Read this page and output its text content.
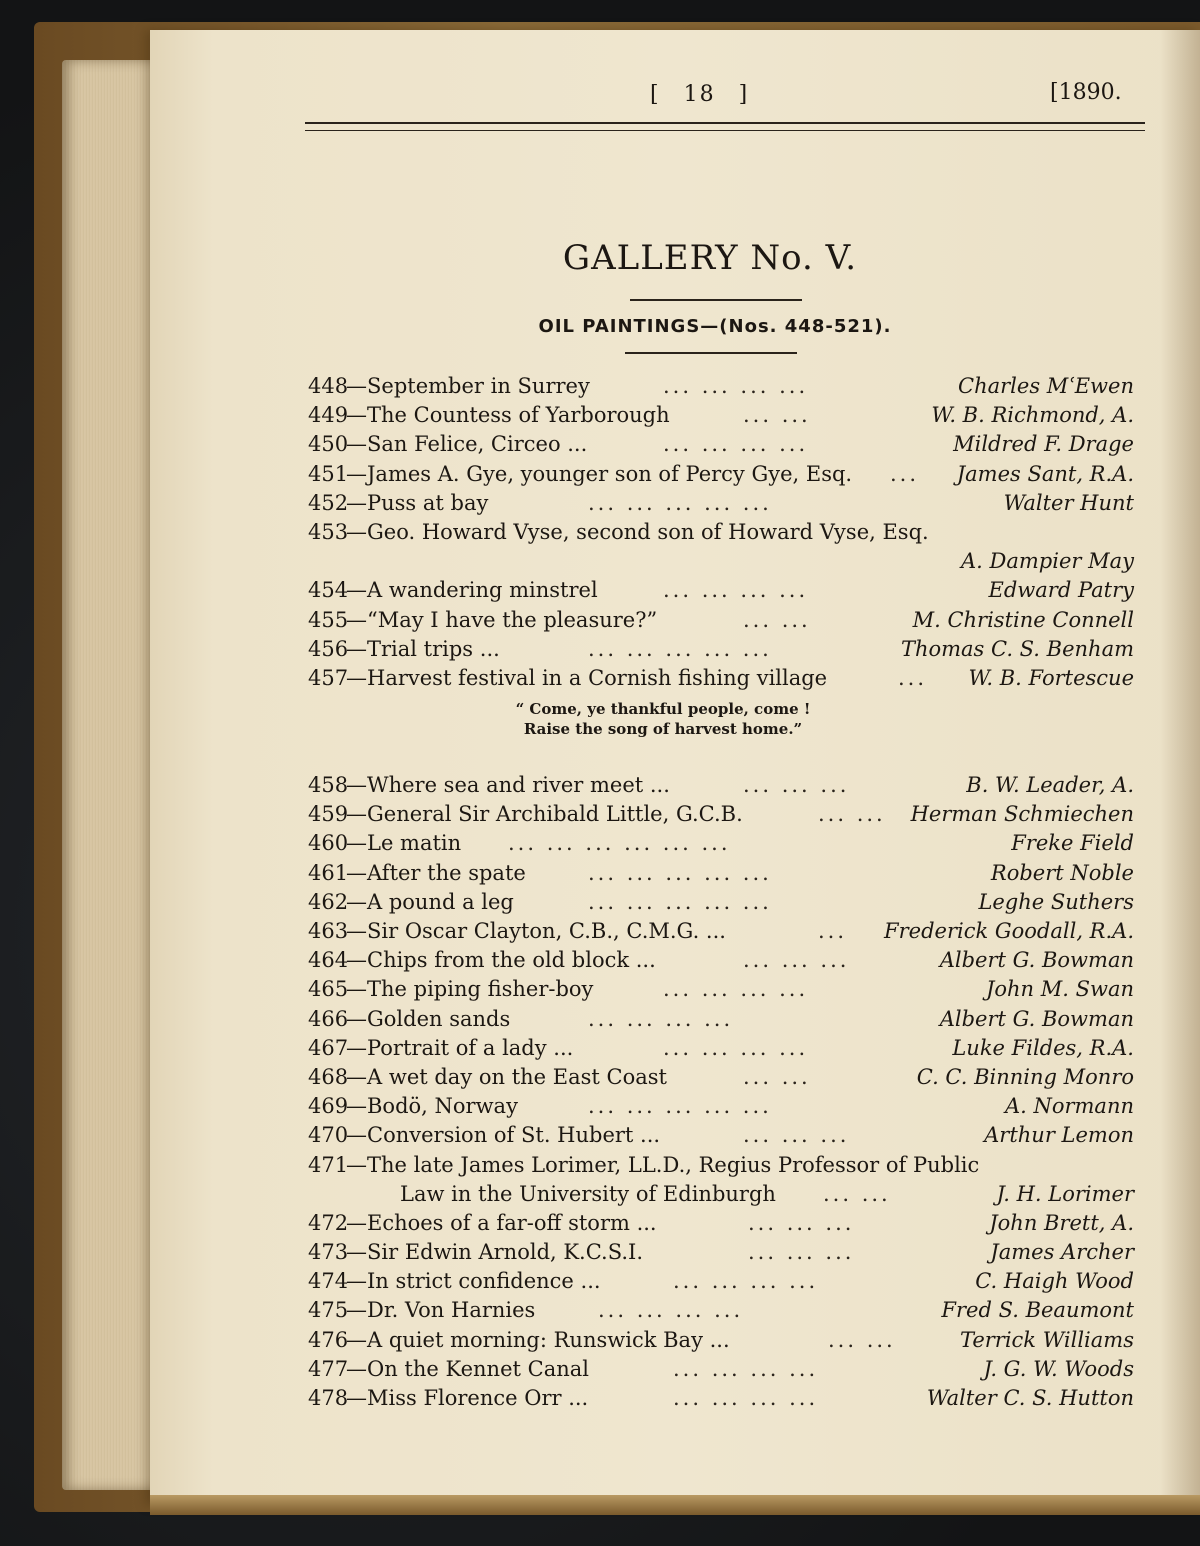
[ 18 ]	[1890.
GALLERY No. V.
OIL PAINTINGS—(Nos. 448-521).
448
—September in Surrey	... ... ... ...	Charles MʿEwen
449
—The Countess of Yarborough	... ...	W. B. Richmond, A.
450
—San Felice, Circeo ...	... ... ... ...	Mildred F. Drage
451
—James A. Gye, younger son of Percy Gye, Esq. ... James Sant, R.A.
452
—Puss at bay	... ... ... ... ...	Walter Hunt
453
—Geo. Howard Vyse, second son of Howard Vyse, Esq.
A. Dampier May
454
—A wandering minstrel	... ... ... ...	Edward Patry
455
—“May I have the pleasure?”	... ...	M. Christine Connell
456
—Trial trips ...	... ... ... ... ...	Thomas C. S. Benham
457
—Harvest festival in a Cornish fishing village	... W. B. Fortescue
“ Come, ye thankful people, come !
Raise the song of harvest home.”
458
—Where sea and river meet ...	... ... ...	B. W. Leader, A.
459
—General Sir Archibald Little, G.C.B.	... ... Herman Schmiechen
460
—Le matin ... ... ... ... ... ...	Freke Field
461
—After the spate	... ... ... ... ...	Robert Noble
462
—A pound a leg	... ... ... ... ...	Leghe Suthers
463
—Sir Oscar Clayton, C.B., C.M.G. ...	... Frederick Goodall, R.A.
464
—Chips from the old block ...	... ... ...	Albert G. Bowman
465
—The piping fisher-boy	... ... ... ...	John M. Swan
466
—Golden sands	... ... ... ...	Albert G. Bowman
467
—Portrait of a lady ...	... ... ... ...	Luke Fildes, R.A.
468
—A wet day on the East Coast	... ...	C. C. Binning Monro
469
—Bodö, Norway	... ... ... ... ...	A. Normann
470
—Conversion of St. Hubert ...	... ... ...	Arthur Lemon
471
—The late James Lorimer, LL.D., Regius Professor of Public
Law in the University of Edinburgh ... ...	J. H. Lorimer
472
—Echoes of a far-off storm ...	... ... ...	John Brett, A.
473
—Sir Edwin Arnold, K.C.S.I.	... ... ...	James Archer
474
—In strict confidence ...	... ... ... ...	C. Haigh Wood
475
—Dr. Von Harnies	... ... ... ...	Fred S. Beaumont
476
—A quiet morning: Runswick Bay ...	... ...	Terrick Williams
477
—On the Kennet Canal	... ... ... ...	J. G. W. Woods
478
—Miss Florence Orr ...	... ... ... ...	Walter C. S. Hutton
